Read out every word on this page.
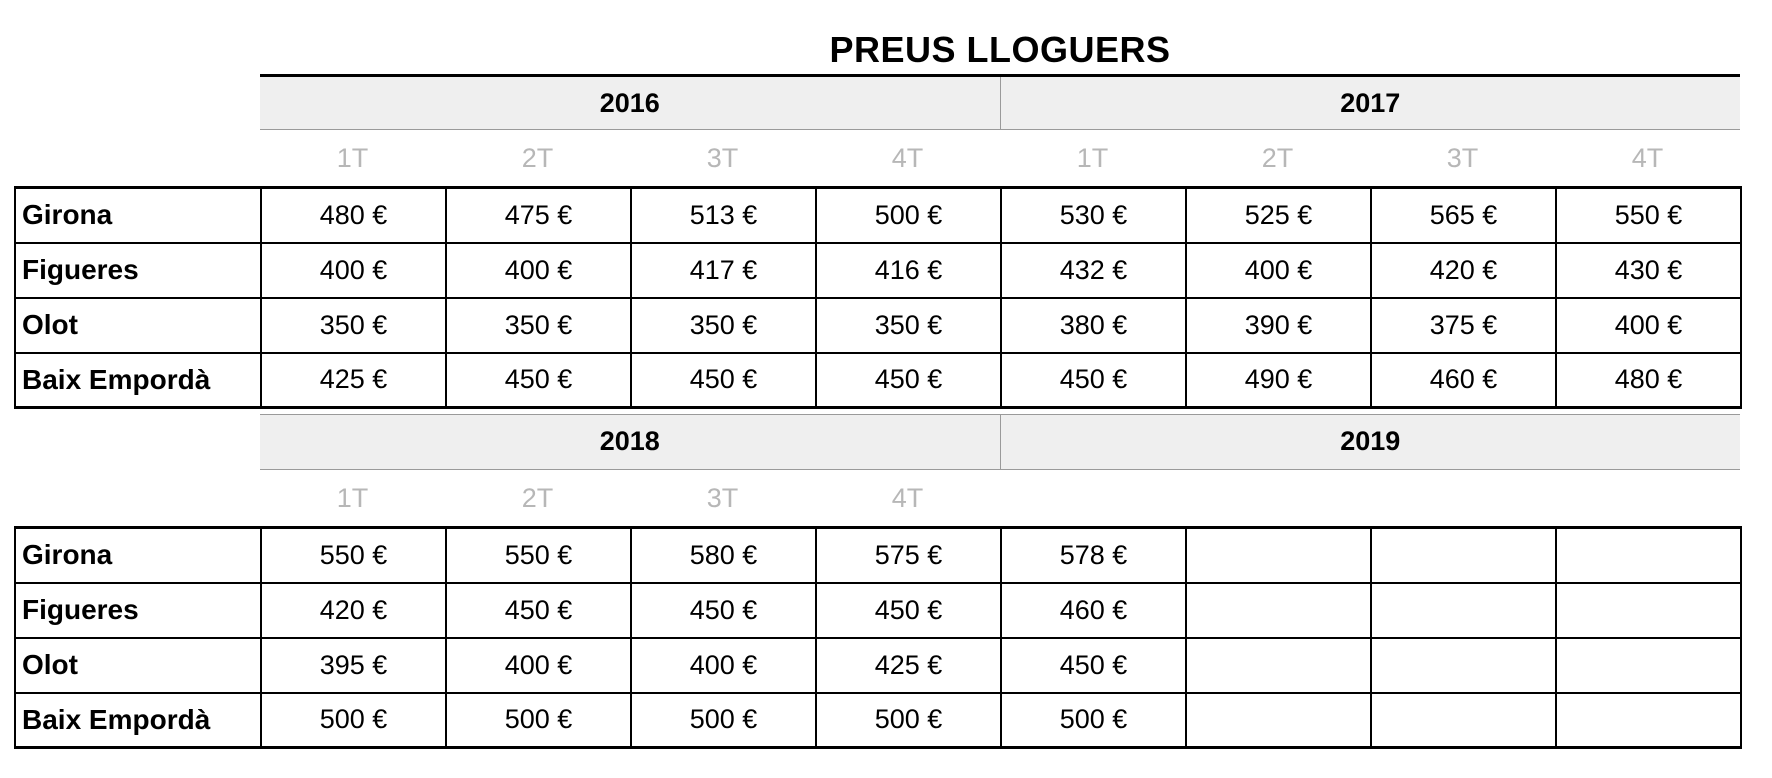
PREUS LLOGUERS
2016	2017
1T	2T	3T	4T	1T	2T	3T	4T
Girona	480 €	475 €	513 €	500 €	530 €	525 €	565 €	550 €
Figueres	400 €	400 €	417 €	416 €	432 €	400 €	420 €	430 €
Olot	350 €	350 €	350 €	350 €	380 €	390 €	375 €	400 €
Baix Empordà	425 €	450 €	450 €	450 €	450 €	490 €	460 €	480 €
2018	2019
1T	2T	3T	4T
Girona	550 €	550 €	580 €	575 €	578 €			
Figueres	420 €	450 €	450 €	450 €	460 €			
Olot	395 €	400 €	400 €	425 €	450 €			
Baix Empordà	500 €	500 €	500 €	500 €	500 €			
